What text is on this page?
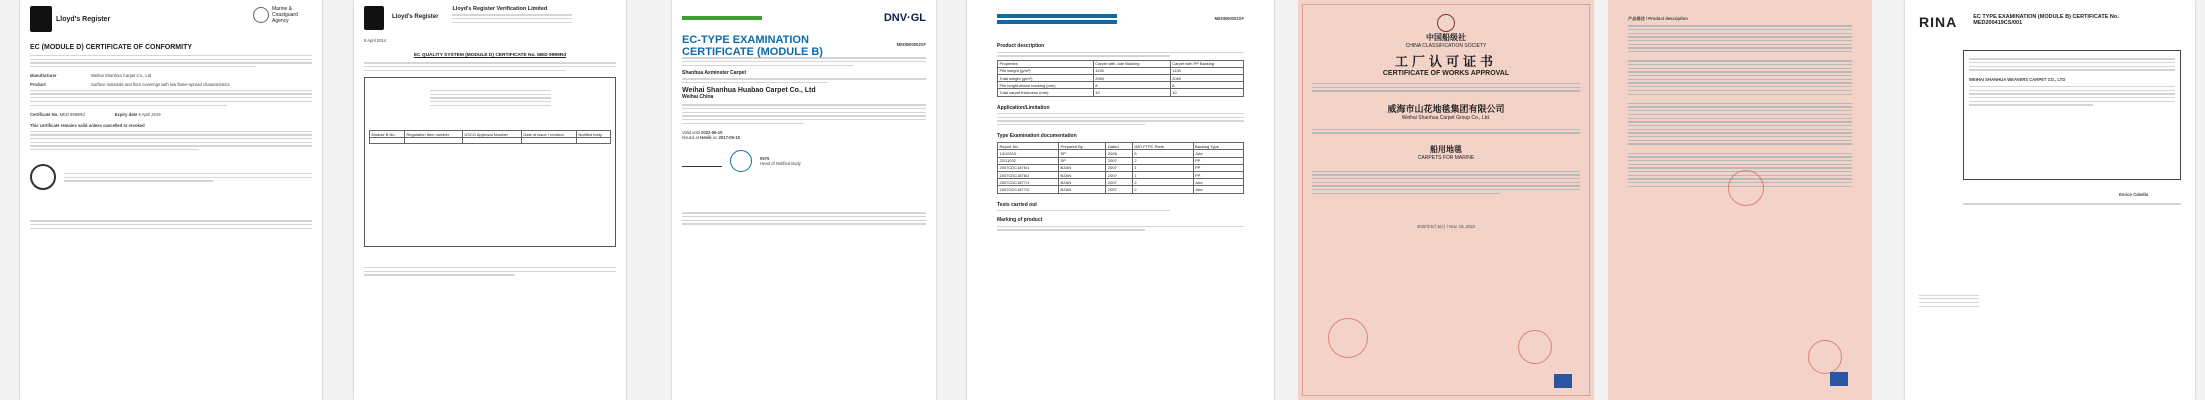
Lloyd's Register
Marine & Coastguard Agency
EC (MODULE D) CERTIFICATE OF CONFORMITY
Manufacturer	Weihai Shanhua Carpet Co., Ltd
Product	Surface materials and floor coverings with low flame-spread characteristics
Certificate No. MED 9999Rd	Expiry date 8 April 2019
This certificate remains valid unless cancelled or revoked
Lloyd's Register
Lloyd's Register Verification Limited
8 April 2014
EC QUALITY SYSTEM (MODULE D) CERTIFICATE No. MED 9999Rd
Module B No.	Regulation Item number	USCG Approval Number	Date of issue / revision	Notified body

DNV·GL
EC-TYPE EXAMINATION
CERTIFICATE (MODULE B)
MEDB00002XF
Shanhua Axminster Carpet
Weihai Shanhua Huabao Carpet Co., Ltd
Weihai China
Valid until 2022-06-15
Issued at Høvik on 2017-06-15
0575
Head of Notified Body
MEDB00002XF
Product description
Properties	Carpet with Jute Backing	Carpet with PP Backing
Pile weight (g/m²)	1130	1130
Total weight (g/m²)	2060	2060
Pile height above backing (mm)	8	8
Total carpet thickness (mm)	10	10
Application/Limitation
Type Examination documentation
Report No.	Prepared By	Dated	IMO FTPC Parts	Backing Type
14/10010	SP	2006	5	Jute
22/11032	SP	2007	2	PP
2007CDC1876/1	BZAN	2007	1	PP
2007CDC1876/2	BZAN	2007	1	PP
2007CDC1877/1	BZAN	2007	2	Jute
2007CDC1877/2	BZAN	2007	2	Jute
Tests carried out
Marking of product
中国船级社
CHINA CLASSIFICATION SOCIETY
工厂认可证书
CERTIFICATE OF WORKS APPROVAL
威海市山花地毯集团有限公司
Weihai Shanhua Carpet Group Co., Ltd.
船用地毯
CARPETS FOR MARINE
2022年5月15日 / Nov. 19, 2022
产品描述 / Product description	RINA	EC TYPE EXAMINATION (MODULE B) CERTIFICATE No. MED200419CS/001
WEIHAI SHANHUA WEAVERS CARPET CO., LTD
Enrico Cabella
